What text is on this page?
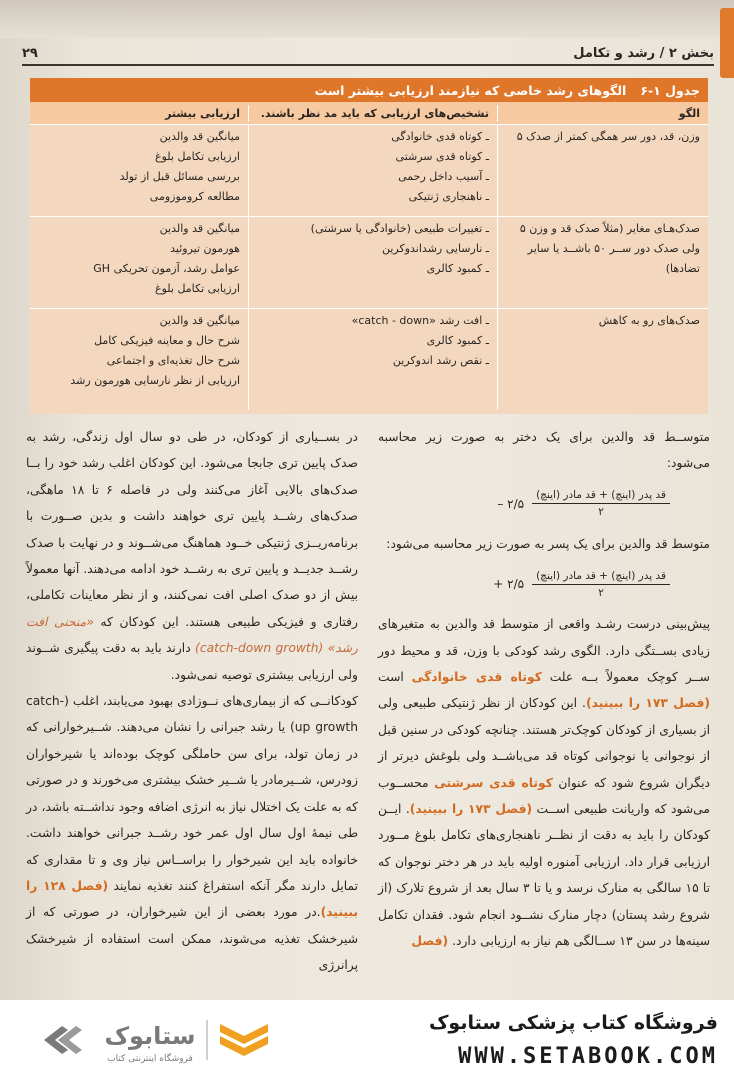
بخش ۲ / رشد و تکامل
۲۹
جدول ۱-۶
الگوهای رشد خاصی که نیازمند ارزیابی بیشتر است
الگو
تشخیص‌های ارزیابی که باید مد نظر باشند.
ارزیابی بیشتر
وزن، قد، دور سر همگی کمتر از صدک ۵
ـ کوتاه قدی خانوادگی
ـ کوتاه قدی سرشتی
ـ آسیب داخل رحمی
ـ ناهنجاری ژنتیکی
میانگین قد والدین
ارزیابی تکامل بلوغ
بررسی مسائل قبل از تولد
مطالعه کروموزومی
صدک‌هـای مغایر (مثلاً صدک قد و وزن ۵ ولی صدک دور ســر ۵۰ باشــد یا سایر تضادها)
ـ تغییرات طبیعی (خانوادگی یا سرشتی)
ـ نارسایی رشداندوکرین
ـ کمبود کالری
میانگین قد والدین
هورمون تیروئید
عوامل رشد، آزمون تحریکی GH
ارزیابی تکامل بلوغ
صدک‌های رو به کاهش
ـ افت رشد «catch - down»
ـ کمبود کالری
ـ نقص رشد اندوکرین
میانگین قد والدین
شرح حال و معاینه فیزیکی کامل
شرح حال تغذیه‌ای و اجتماعی
ارزیابی از نظر نارسایی هورمون رشد

متوســط قد والدین برای یک دختر به صورت زیر محاسبه می‌شود:

– ۲/۵ $\frac{\text{قد پدر (اینچ) + قد مادر (اینچ)}}{۲}$

متوسط قد والدین برای یک پسر به صورت زیر محاسبه می‌شود:

+ ۲/۵ $\frac{\text{قد پدر (اینچ) + قد مادر (اینچ)}}{۲}$

پیش‌بینی درست رشـد واقعی از متوسط قد والدین به متغیرهای زیادی بســتگی دارد. الگوی رشد کودکی با وزن، قد و محیط دور ســر کوچک معمولاً بــه علت کوتاه قدی خانوادگی است (فصل ۱۷۳ را ببینید). این کودکان از نظر ژنتیکی طبیعی ولی از بسیاری از کودکان کوچک‌تر هستند. چنانچه کودکی در سنین قبل از نوجوانی یا نوجوانی کوتاه قد می‌باشــد ولی بلوغش دیرتر از دیگران شروع شود که عنوان کوتاه قدی سرشتی محســوب می‌شود که واریانت طبیعی اســت (فصل ۱۷۳ را ببینید). ایــن کودکان را باید به دقت از نظــر ناهنجاری‌های تکامل بلوغ مــورد ارزیابی قرار داد. ارزیابی آمنوره اولیه باید در هر دختر نوجوان که تا ۱۵ سالگی به منارک نرسد و یا تا ۳ سال بعد از شروع تلارک (از شروع رشد پستان) دچار منارک نشــود انجام شود. فقدان تکامل سینه‌ها در سن ۱۳ ســالگی هم نیاز به ارزیابی دارد. (فصل

در بســیاری از کودکان، در طی دو سال اول زندگی، رشد به صدک پایین تری جابجا می‌شود. این کودکان اغلب رشد خود را بــا صدک‌های بالایی آغاز می‌کنند ولی در فاصله ۶ تا ۱۸ ماهگی، صدک‌های رشــد پایین تری خواهند داشت و بدین صــورت با برنامه‌ریــزی ژنتیکی خــود هماهنگ می‌شــوند و در نهایت با صدک رشــد جدیــد و پایین تری به رشــد خود ادامه می‌دهند. آنها معمولاً بیش از دو صدک اصلی افت نمی‌کنند، و از نظر معاینات تکاملی، رفتاری و فیزیکی طبیعی هستند. این کودکان که «منحنی افت رشد» (catch-down growth) دارند باید به دقت پیگیری شــوند ولی ارزیابی بیشتری توصیه نمی‌شود.

کودکانــی که از بیماری‌های نــوزادی بهبود می‌یابند، اغلب (catch-up growth) یا رشد جبرانی را نشان می‌دهند. شــیرخوارانی که در زمان تولد، برای سن حاملگی کوچک بوده‌اند یا شیرخواران زودرس، شــیرمادر یا شــیر خشک بیشتری می‌خورند و در صورتی که به علت یک اختلال نیاز به انرژی اضافه وجود نداشــته باشد، در طی نیمهٔ اول سال اول عمر خود رشــد جبرانی خواهند داشت. خانواده باید این شیرخوار را براســاس نیاز وی و تا مقداری که تمایل دارند مگر آنکه استفراغ کنند تغذیه نمایند (فصل ۱۲۸ را ببینید).در مورد بعضی از این شیرخواران، در صورتی که از شیرخشک تغذیه می‌شوند، ممکن است استفاده از شیرخشک پرانرژی

ستابوک
فروشگاه اینترنتی کتاب
فروشگاه کتاب پزشکی ستابوک
WWW.SETABOOK.COM
